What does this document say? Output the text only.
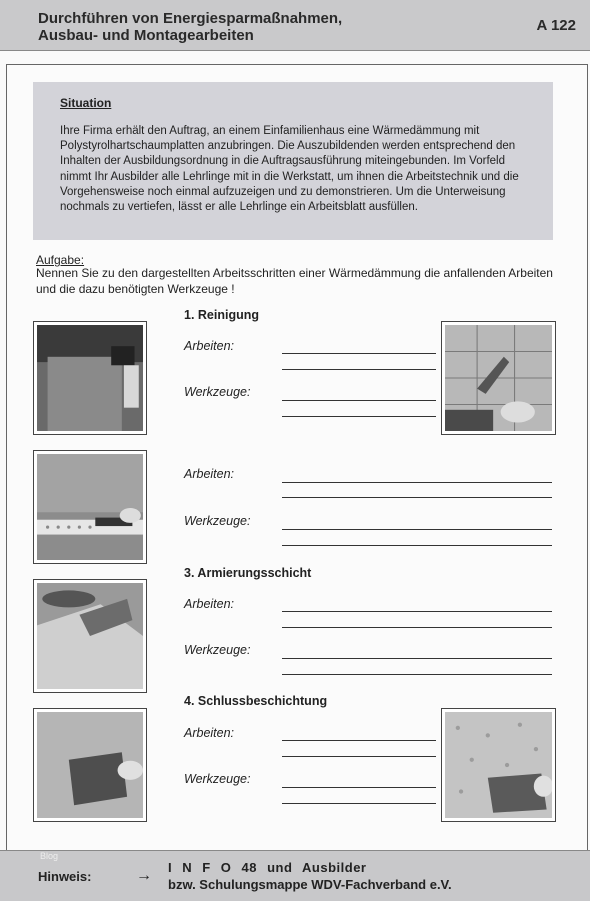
Durchführen von Energiesparmaßnahmen,
Ausbau- und Montagearbeiten
A 122
Situation
Ihre Firma erhält den Auftrag, an einem Einfamilienhaus eine Wärmedämmung mit Polystyrolhartschaumplatten anzubringen. Die Auszubildenden werden entsprechend den Inhalten der Ausbildungsordnung in die Auftragsausführung miteingebunden. Im Vorfeld nimmt Ihr Ausbilder alle Lehrlinge mit in die Werkstatt, um ihnen die Arbeitstechnik und die Vorgehensweise noch einmal aufzuzeigen und zu demonstrieren. Um die Unterweisung nochmals zu vertiefen, lässt er alle Lehrlinge ein Arbeitsblatt ausfüllen.
Aufgabe:
Nennen Sie zu den dargestellten Arbeitsschritten einer Wärmedämmung die anfallenden Arbeiten und die dazu benötigten Werkzeuge !
1. Reinigung
Arbeiten:
Werkzeuge:
Arbeiten:
Werkzeuge:
3. Armierungsschicht
Arbeiten:
Werkzeuge:
4. Schlussbeschichtung
Arbeiten:
Werkzeuge:
Blog
Hinweis:	→ I N F O 48 und Ausbilder
bzw. Schulungsmappe WDV-Fachverband e.V.
